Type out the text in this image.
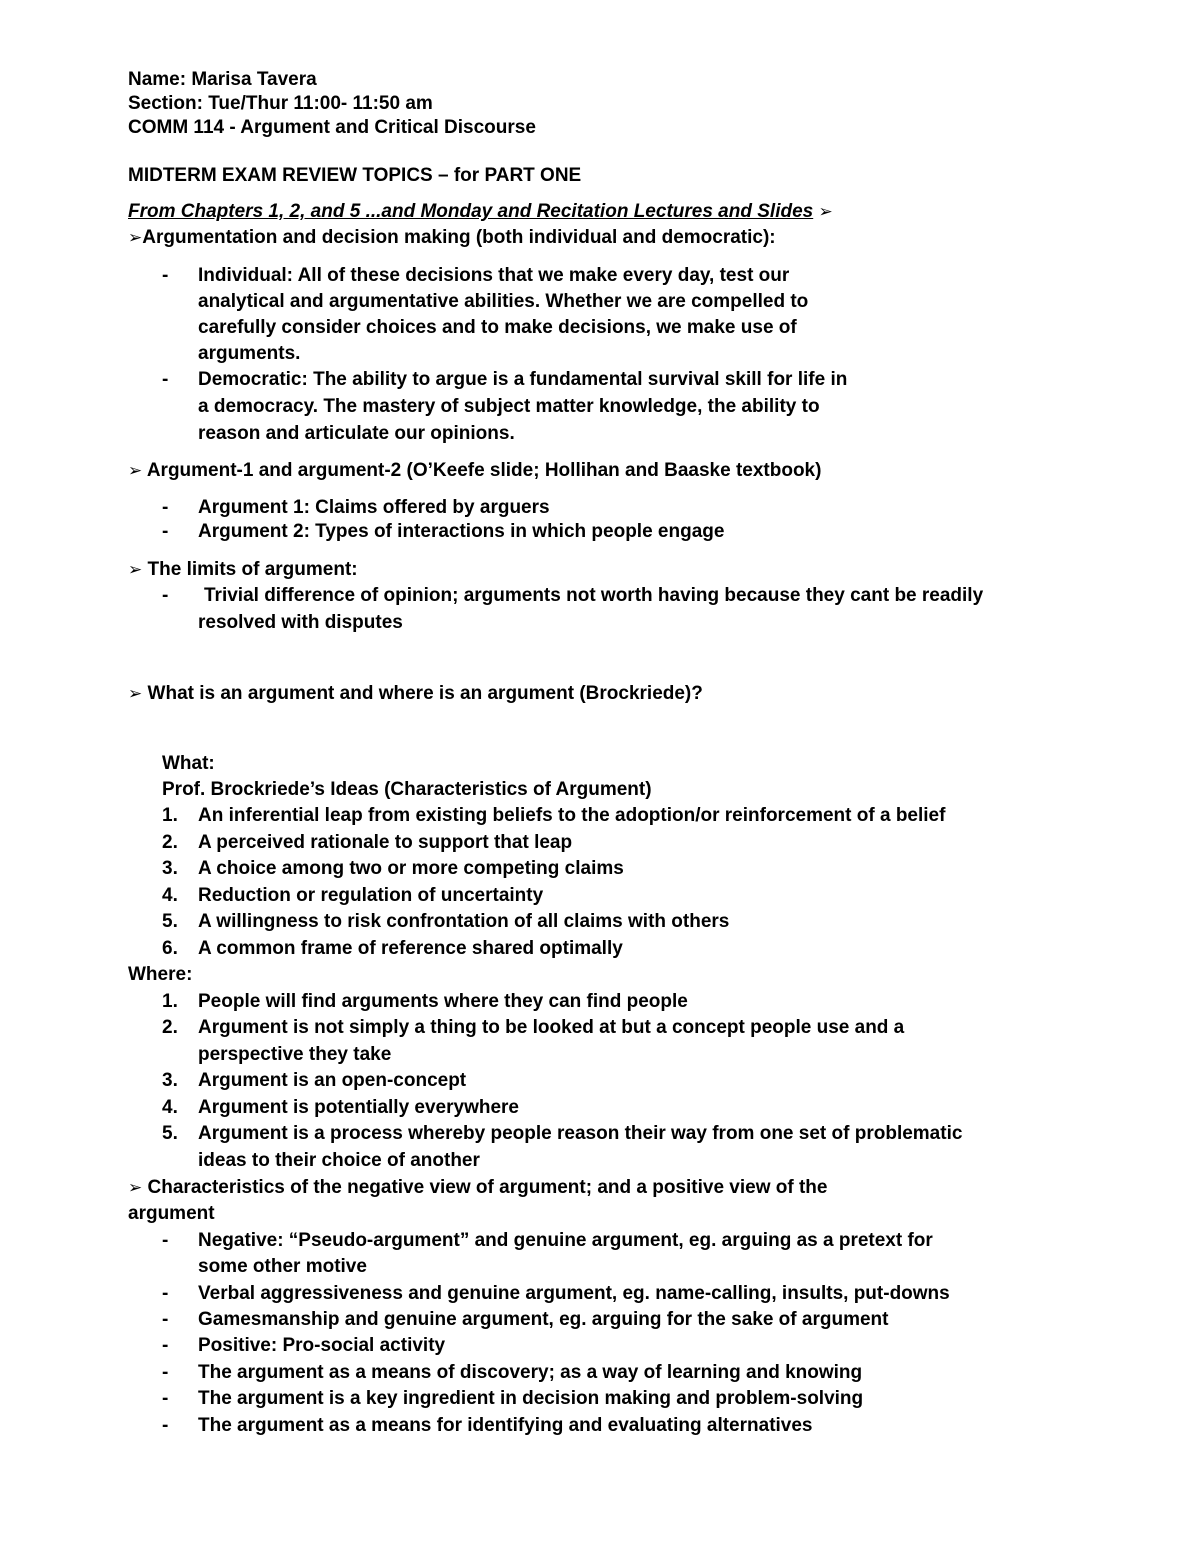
Name: Marisa Tavera
Section: Tue/Thur 11:00- 11:50 am
COMM 114 - Argument and Critical Discourse
MIDTERM EXAM REVIEW TOPICS – for PART ONE
From Chapters 1, 2, and 5 ...and Monday and Recitation Lectures and Slides ➢
➢Argumentation and decision making (both individual and democratic):
- Individual: All of these decisions that we make every day, test our
analytical and argumentative abilities. Whether we are compelled to
carefully consider choices and to make decisions, we make use of
arguments.
- Democratic: The ability to argue is a fundamental survival skill for life in
a democracy. The mastery of subject matter knowledge, the ability to
reason and articulate our opinions.
➢ Argument-1 and argument-2 (O’Keefe slide; Hollihan and Baaske textbook)
- Argument 1: Claims offered by arguers
- Argument 2: Types of interactions in which people engage
➢ The limits of argument:
- Trivial difference of opinion; arguments not worth having because they cant be readily
resolved with disputes
➢ What is an argument and where is an argument (Brockriede)?
What:
Prof. Brockriede’s Ideas (Characteristics of Argument)
1. An inferential leap from existing beliefs to the adoption/or reinforcement of a belief
2. A perceived rationale to support that leap
3. A choice among two or more competing claims
4. Reduction or regulation of uncertainty
5. A willingness to risk confrontation of all claims with others
6. A common frame of reference shared optimally
Where:
1. People will find arguments where they can find people
2. Argument is not simply a thing to be looked at but a concept people use and a
perspective they take
3. Argument is an open-concept
4. Argument is potentially everywhere
5. Argument is a process whereby people reason their way from one set of problematic
ideas to their choice of another
➢ Characteristics of the negative view of argument; and a positive view of the
argument
- Negative: “Pseudo-argument” and genuine argument, eg. arguing as a pretext for
some other motive
- Verbal aggressiveness and genuine argument, eg. name-calling, insults, put-downs
- Gamesmanship and genuine argument, eg. arguing for the sake of argument
- Positive: Pro-social activity
- The argument as a means of discovery; as a way of learning and knowing
- The argument is a key ingredient in decision making and problem-solving
- The argument as a means for identifying and evaluating alternatives
